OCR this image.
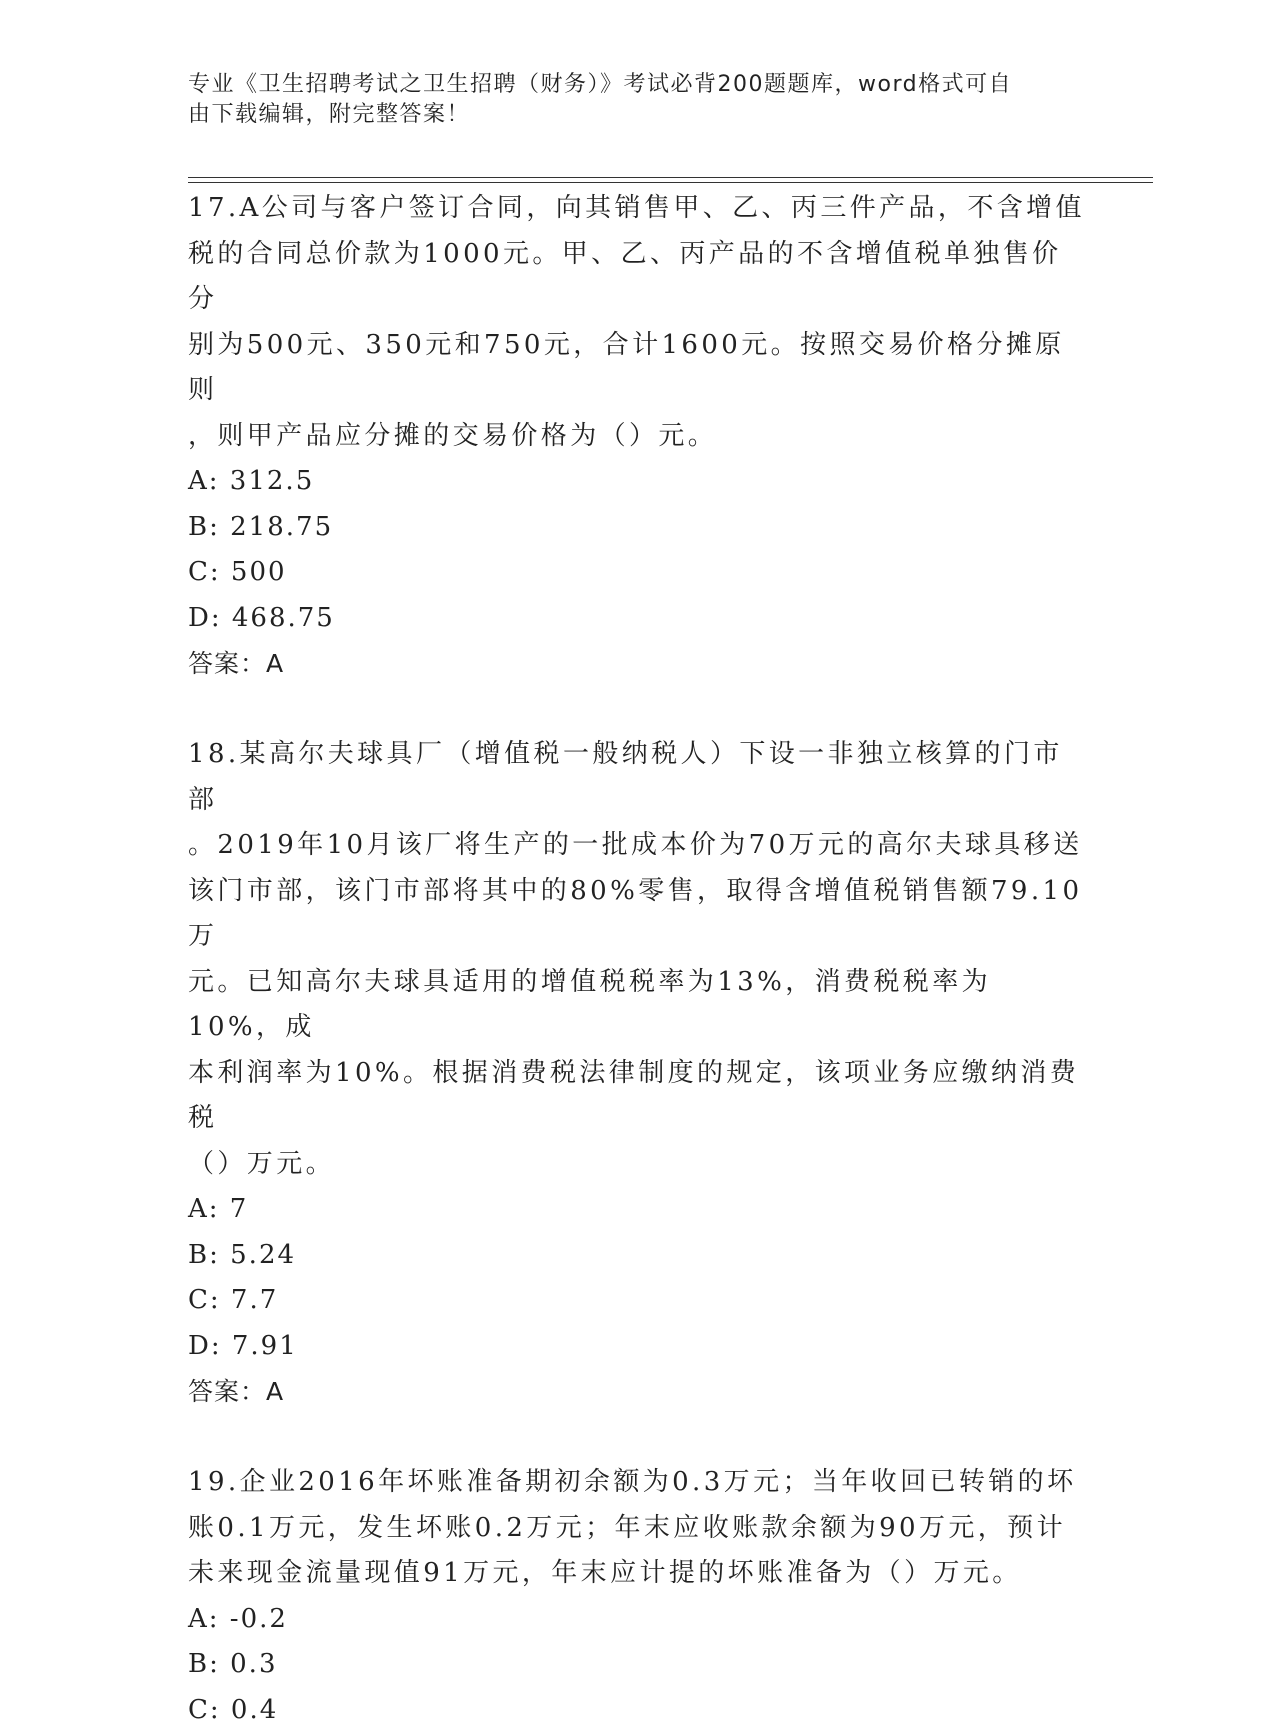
专业《卫生招聘考试之卫生招聘（财务）》考试必背200题题库，word格式可自
由下载编辑，附完整答案！

17.A公司与客户签订合同，向其销售甲、乙、丙三件产品，不含增值

税的合同总价款为1000元。甲、乙、丙产品的不含增值税单独售价分

别为500元、350元和750元，合计1600元。按照交易价格分摊原则

，则甲产品应分摊的交易价格为（）元。

A: 312.5

B: 218.75

C: 500

D: 468.75

答案：A

18.某高尔夫球具厂（增值税一般纳税人）下设一非独立核算的门市部

。2019年10月该厂将生产的一批成本价为70万元的高尔夫球具移送

该门市部，该门市部将其中的80%零售，取得含增值税销售额79.10万

元。已知高尔夫球具适用的增值税税率为13%，消费税税率为10%，成

本利润率为10%。根据消费税法律制度的规定，该项业务应缴纳消费税

（）万元。

A: 7

B: 5.24

C: 7.7

D: 7.91

答案：A

19.企业2016年坏账准备期初余额为0.3万元；当年收回已转销的坏

账0.1万元，发生坏账0.2万元；年末应收账款余额为90万元，预计

未来现金流量现值91万元，年末应计提的坏账准备为（）万元。

A: -0.2

B: 0.3

C: 0.4
